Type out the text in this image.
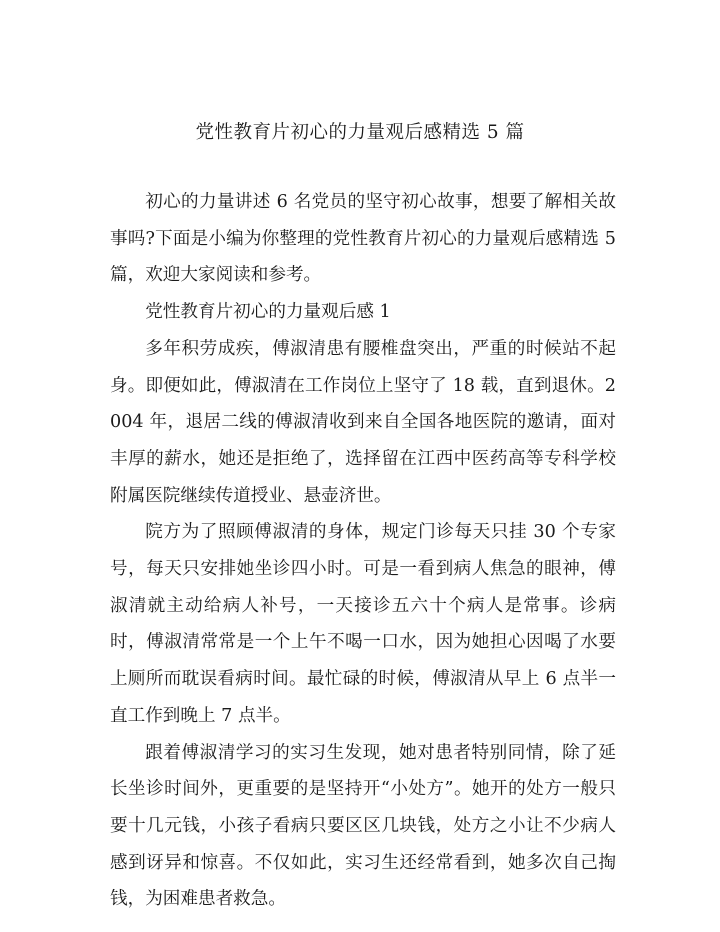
党性教育片初心的力量观后感精选 5 篇

初心的力量讲述 6 名党员的坚守初心故事，想要了解相关故事吗?下面是小编为你整理的党性教育片初心的力量观后感精选 5 篇，欢迎大家阅读和参考。

党性教育片初心的力量观后感 1

多年积劳成疾，傅淑清患有腰椎盘突出，严重的时候站不起身。即便如此，傅淑清在工作岗位上坚守了 18 载，直到退休。2004 年，退居二线的傅淑清收到来自全国各地医院的邀请，面对丰厚的薪水，她还是拒绝了，选择留在江西中医药高等专科学校附属医院继续传道授业、悬壶济世。

院方为了照顾傅淑清的身体，规定门诊每天只挂 30 个专家号，每天只安排她坐诊四小时。可是一看到病人焦急的眼神，傅淑清就主动给病人补号，一天接诊五六十个病人是常事。诊病时，傅淑清常常是一个上午不喝一口水，因为她担心因喝了水要上厕所而耽误看病时间。最忙碌的时候，傅淑清从早上 6 点半一直工作到晚上 7 点半。

跟着傅淑清学习的实习生发现，她对患者特别同情，除了延长坐诊时间外，更重要的是坚持开“小处方”。她开的处方一般只要十几元钱，小孩子看病只要区区几块钱，处方之小让不少病人感到讶异和惊喜。不仅如此，实习生还经常看到，她多次自己掏钱，为困难患者救急。
